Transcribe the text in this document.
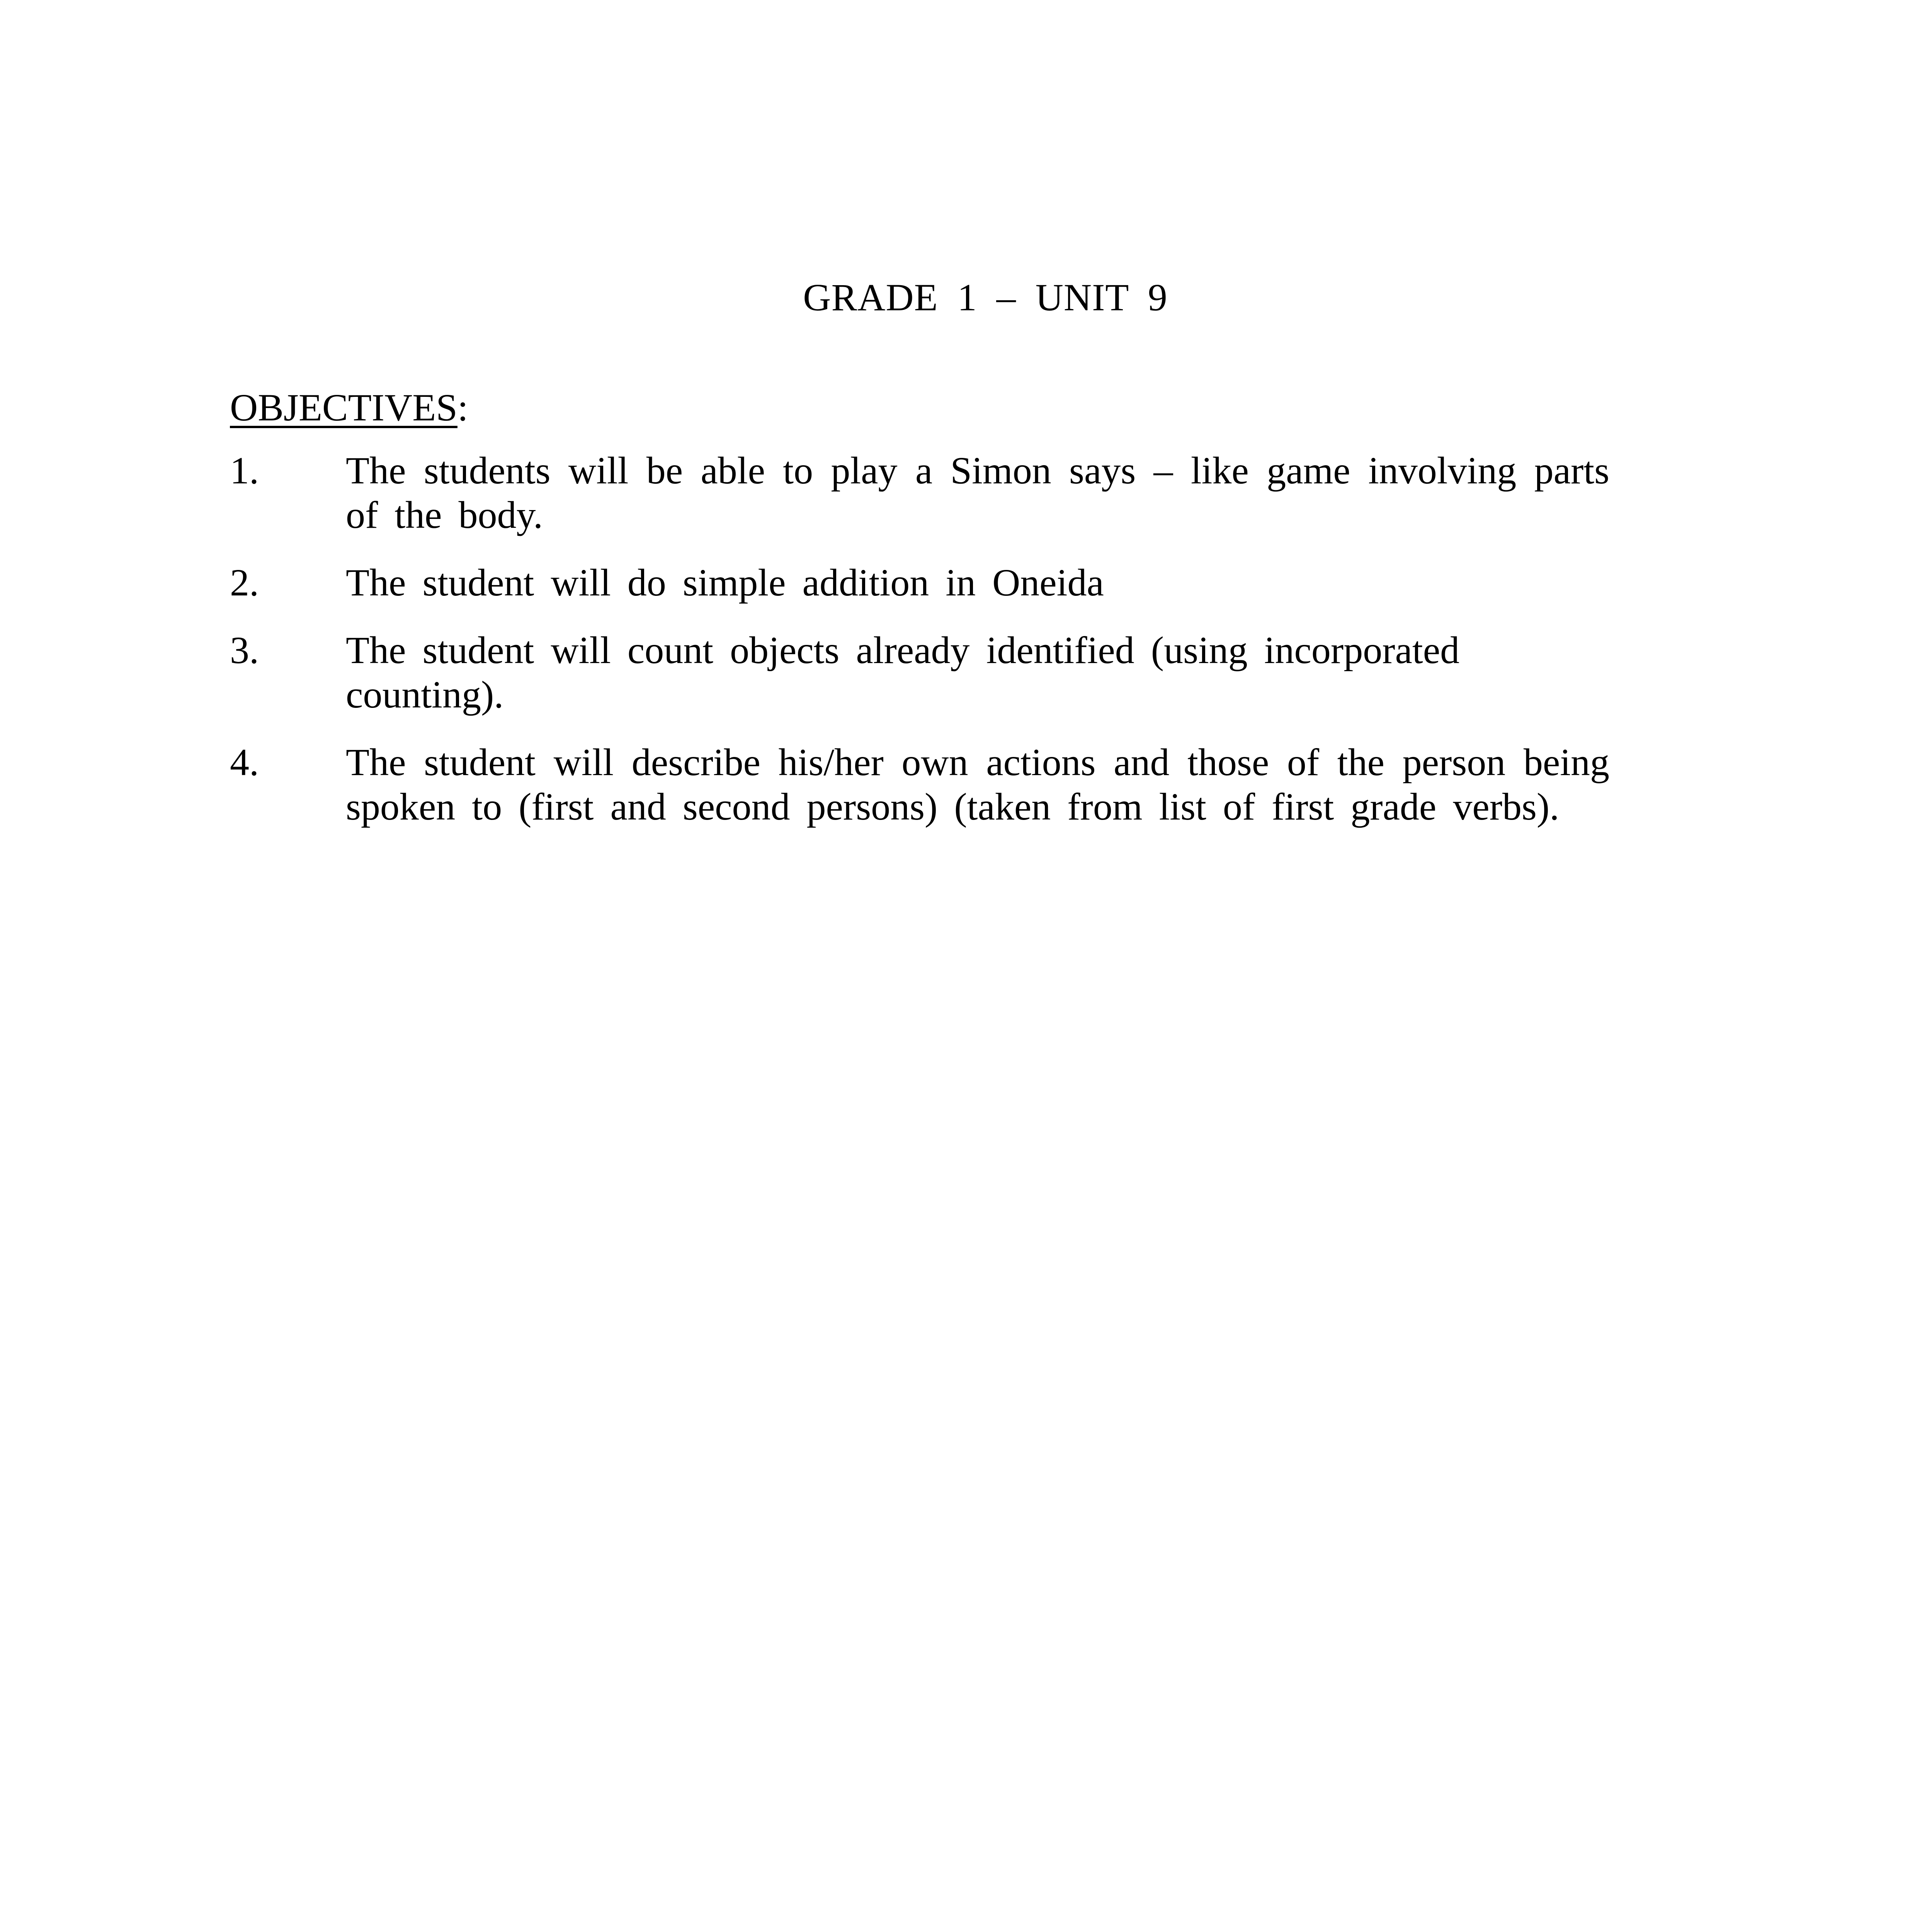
GRADE 1 – UNIT 9
OBJECTIVES:
1.	The students will be able to play a Simon says – like game involving parts of the body.
2.	The student will do simple addition in Oneida
3.	The student will count objects already identified (using incorporated counting).
4.	The student will describe his/her own actions and those of the person being spoken to (first and second persons) (taken from list of first grade verbs).
